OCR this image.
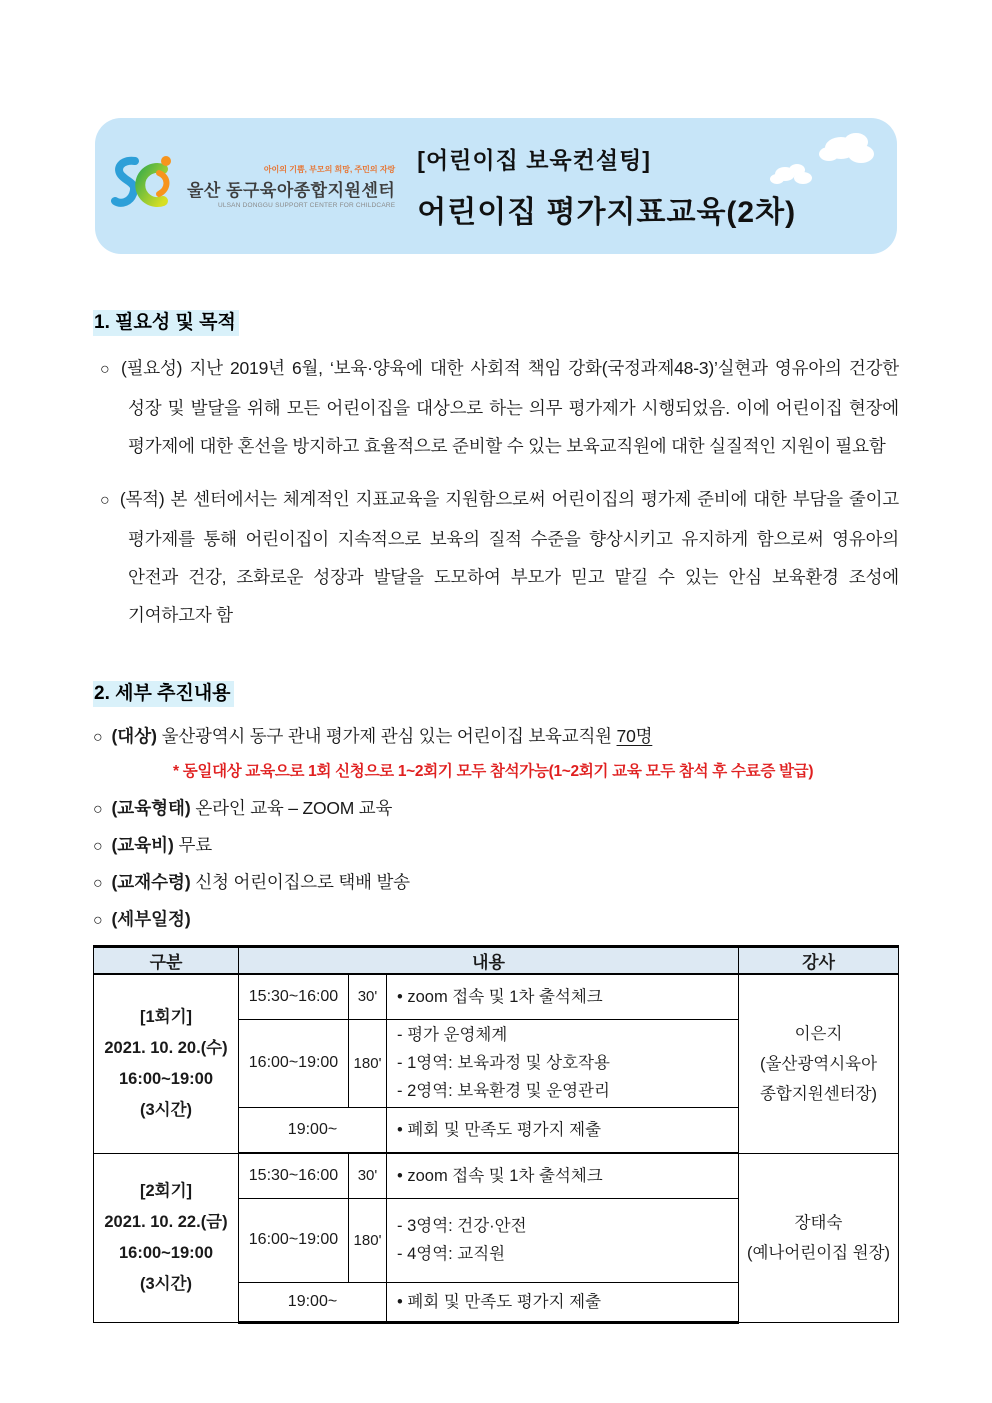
아이의 기쁨, 부모의 희망, 주민의 자랑
울산 동구육아종합지원센터
ULSAN DONGGU SUPPORT CENTER FOR CHILDCARE
[어린이집 보육컨설팅]
어린이집 평가지표교육(2차)
1. 필요성 및 목적
○ (필요성) 지난 2019년 6월, ‘보육·양육에 대한 사회적 책임 강화(국정과제48-3)’실현과 영유아의 건강한 성장 및 발달을 위해 모든 어린이집을 대상으로 하는 의무 평가제가 시행되었음. 이에 어린이집 현장에 평가제에 대한 혼선을 방지하고 효율적으로 준비할 수 있는 보육교직원에 대한 실질적인 지원이 필요함
○ (목적) 본 센터에서는 체계적인 지표교육을 지원함으로써 어린이집의 평가제 준비에 대한 부담을 줄이고 평가제를 통해 어린이집이 지속적으로 보육의 질적 수준을 향상시키고 유지하게 함으로써 영유아의 안전과 건강, 조화로운 성장과 발달을 도모하여 부모가 믿고 맡길 수 있는 안심 보육환경 조성에 기여하고자 함
2. 세부 추진내용
○ (대상) 울산광역시 동구 관내 평가제 관심 있는 어린이집 보육교직원 70명
* 동일대상 교육으로 1회 신청으로 1~2회기 모두 참석가능(1~2회기 교육 모두 참석 후 수료증 발급)
○ (교육형태) 온라인 교육 – ZOOM 교육
○ (교육비) 무료
○ (교재수령) 신청 어린이집으로 택배 발송
○ (세부일정)
구분	내용			강사

[1회기]
2021. 10. 20.(수)
16:00~19:00
(3시간)
	15:30~16:00	30'	• zoom 접속 및 1차 출석체크	
이은지
(울산광역시육아
종합지원센터장)

	16:00~19:00	180'	- 평가 운영체계
- 1영역: 보육과정 및 상호작용
- 2영역: 보육환경 및 운영관리	

	19:00~		• 폐회 및 만족도 평가지 제출	

[2회기]
2021. 10. 22.(금)
16:00~19:00
(3시간)
	15:30~16:00	30'	• zoom 접속 및 1차 출석체크	
장태숙
(예나어린이집 원장)

	16:00~19:00	180'	- 3영역: 건강·안전
- 4영역: 교직원	

	19:00~		• 폐회 및 만족도 평가지 제출	
